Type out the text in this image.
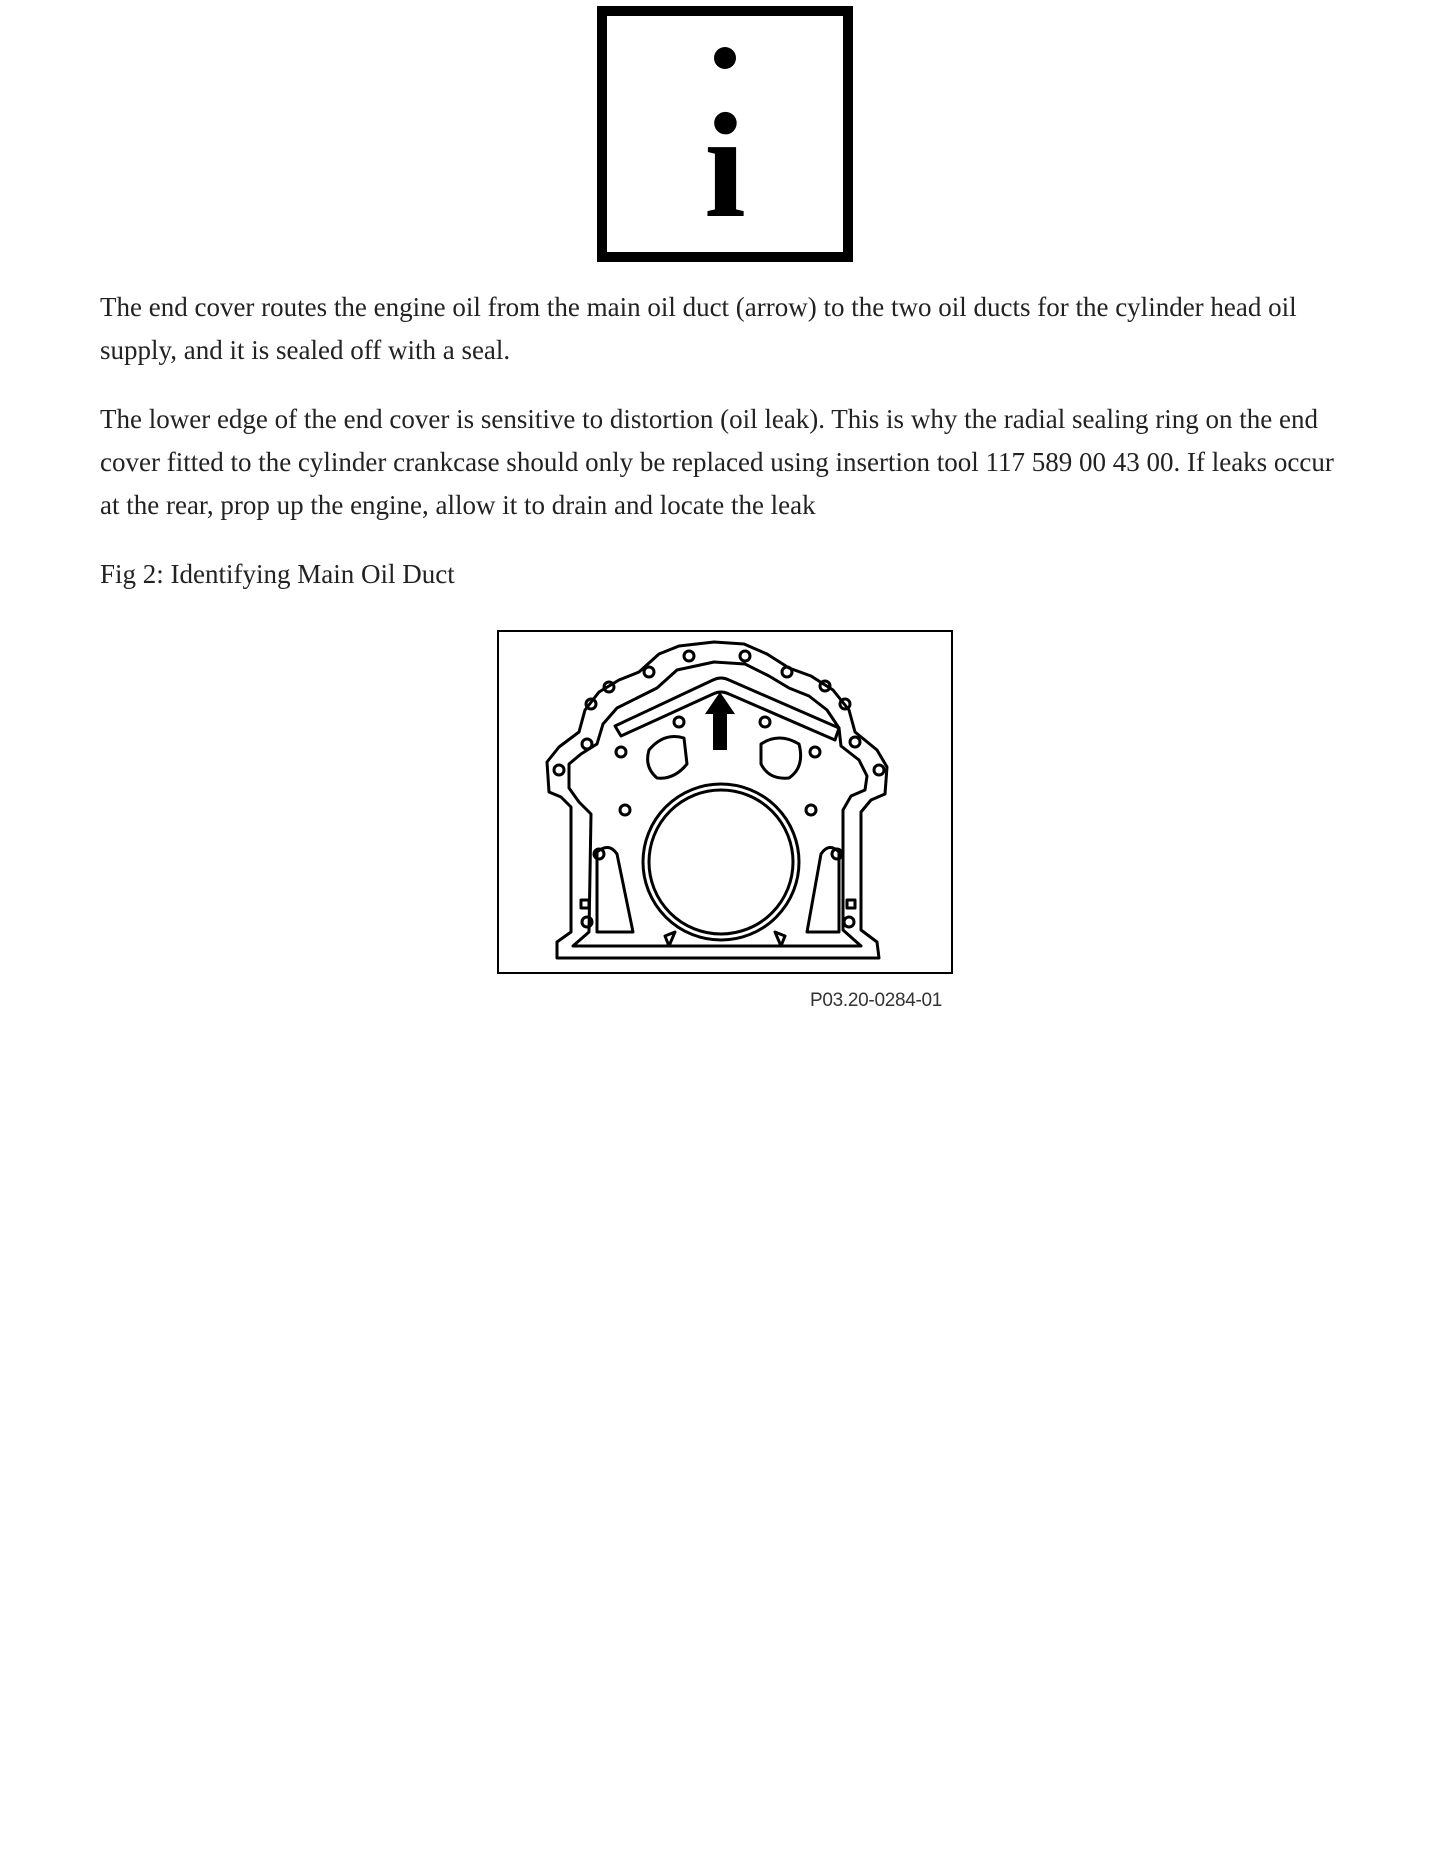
i

The end cover routes the engine oil from the main oil duct (arrow) to the two oil ducts for the cylinder head oil supply, and it is sealed off with a seal.

The lower edge of the end cover is sensitive to distortion (oil leak). This is why the radial sealing ring on the end cover fitted to the cylinder crankcase should only be replaced using insertion tool 117 589 00 43 00. If leaks occur at the rear, prop up the engine, allow it to drain and locate the leak

Fig 2: Identifying Main Oil Duct

P03.20-0284-01
